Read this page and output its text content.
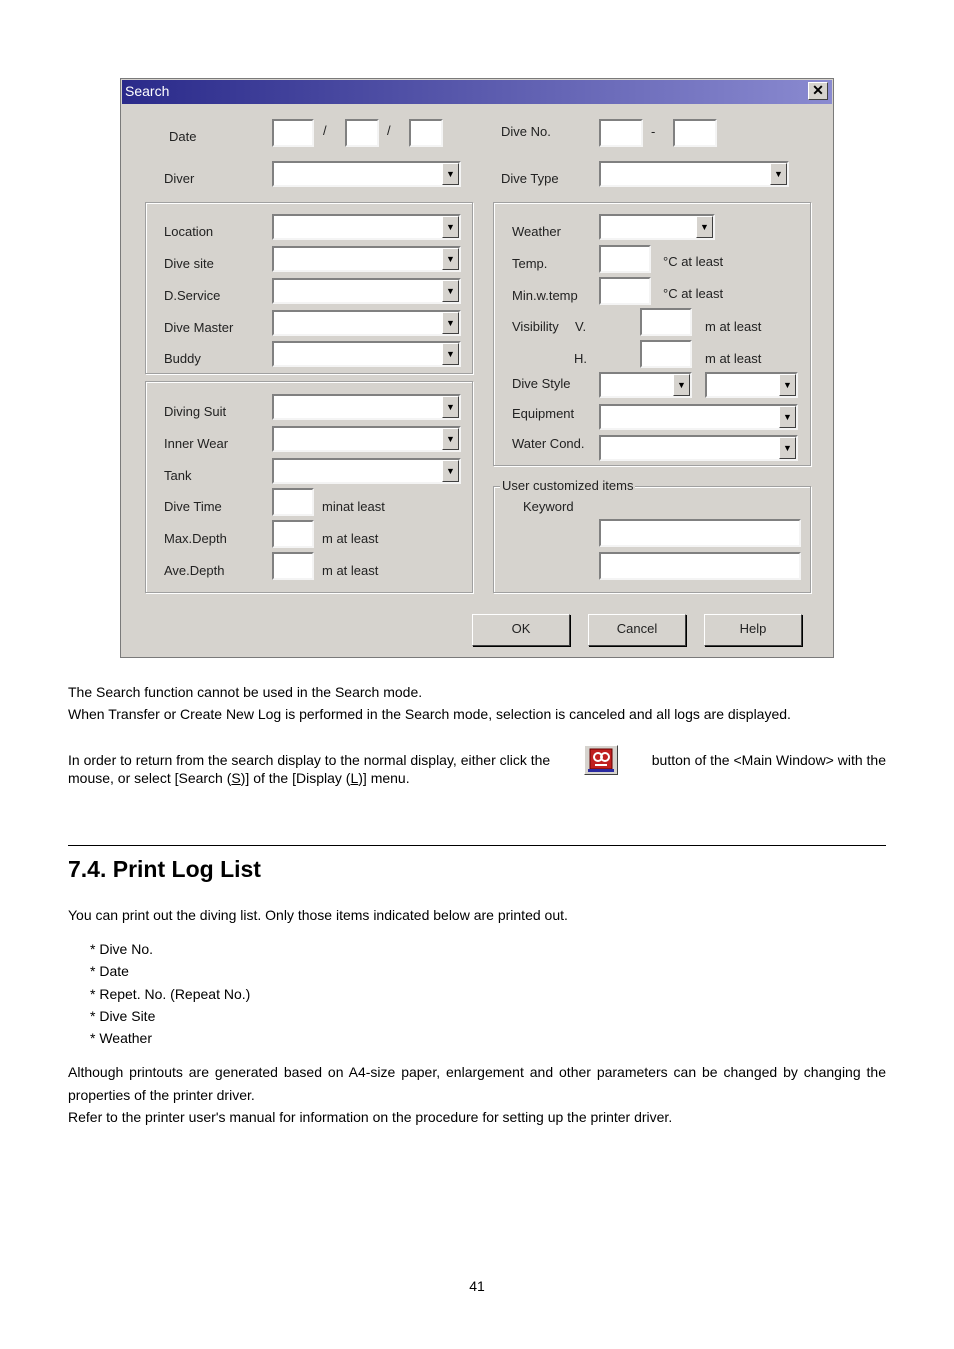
Search	✕
Date	/	/	Dive No.	-
Diver	▼	Dive Type	▼
Location	▼
Dive site	▼
D.Service	▼
Dive Master	▼
Buddy	▼
Diving Suit	▼
Inner Wear	▼
Tank	▼
Dive Time	minat least
Max.Depth	m at least
Ave.Depth	m at least
Weather	▼
Temp.	°C at least
Min.w.temp	°C at least
Visibility V.	m at least
H.	m at least
Dive Style	▼	▼
Equipment	▼
Water Cond.	▼
User customized items
Keyword
OK	Cancel	Help
The Search function cannot be used in the Search mode.
When Transfer or Create New Log is performed in the Search mode, selection is canceled and all logs are displayed.
In order to return from the search display to the normal display, either click the	button of the <Main Window> with the
mouse, or select [Search (S)] of the [Display (L)] menu.
7.4. Print Log List
You can print out the diving list. Only those items indicated below are printed out.
* Dive No.
* Date
* Repet. No. (Repeat No.)
* Dive Site
* Weather
Although printouts are generated based on A4-size paper, enlargement and other parameters can be changed by changing the properties of the printer driver.
Refer to the printer user's manual for information on the procedure for setting up the printer driver.
41
